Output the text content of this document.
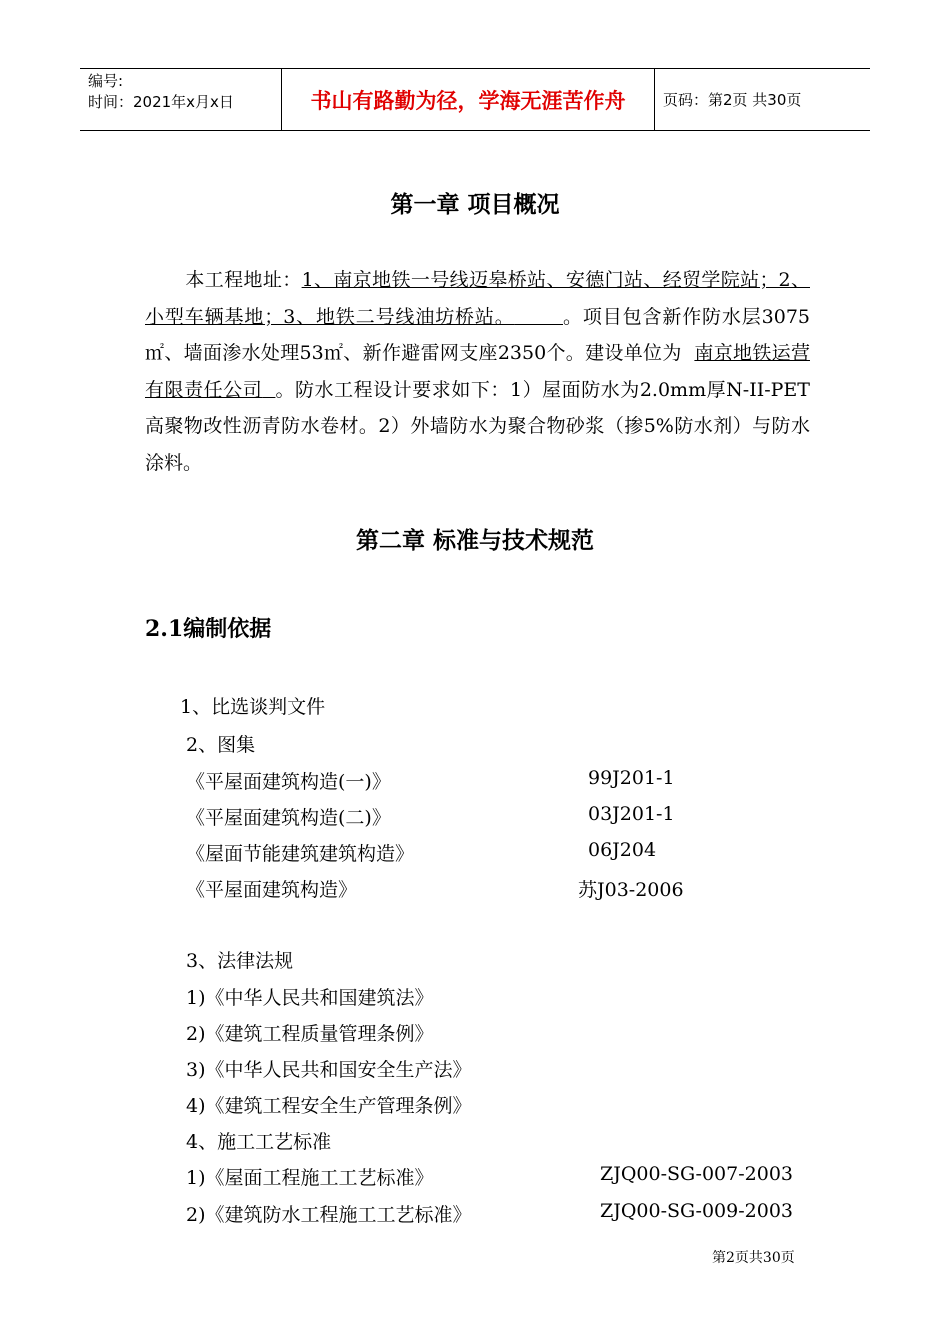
编号:
时间：2021年x月x日	书山有路勤为径，学海无涯苦作舟	页码：第2页 共30页
第一章 项目概况

本工程地址：1、南京地铁一号线迈皋桥站、安德门站、经贸学院站；2、小型车辆基地；3、地铁二号线油坊桥站。	。项目包含新作防水层3075㎡、墙面渗水处理53㎡、新作避雷网支座2350个。建设单位为 南京地铁运营有限责任公司 。防水工程设计要求如下：1）屋面防水为2.0mm厚N-II-PET高聚物改性沥青防水卷材。2）外墙防水为聚合物砂浆（掺5%防水剂）与防水涂料。

第二章 标准与技术规范
2.1编制依据

1、比选谈判文件

2、图集

《平屋面建筑构造(一)》	99J201-1

《平屋面建筑构造(二)》	03J201-1

《屋面节能建筑建筑构造》	06J204

《平屋面建筑构造》	苏J03-2006

3、法律法规

1)《中华人民共和国建筑法》

2)《建筑工程质量管理条例》

3)《中华人民共和国安全生产法》

4)《建筑工程安全生产管理条例》

4、施工工艺标准

1)《屋面工程施工工艺标准》	ZJQ00-SG-007-2003

2)《建筑防水工程施工工艺标准》	ZJQ00-SG-009-2003

第2页共30页
